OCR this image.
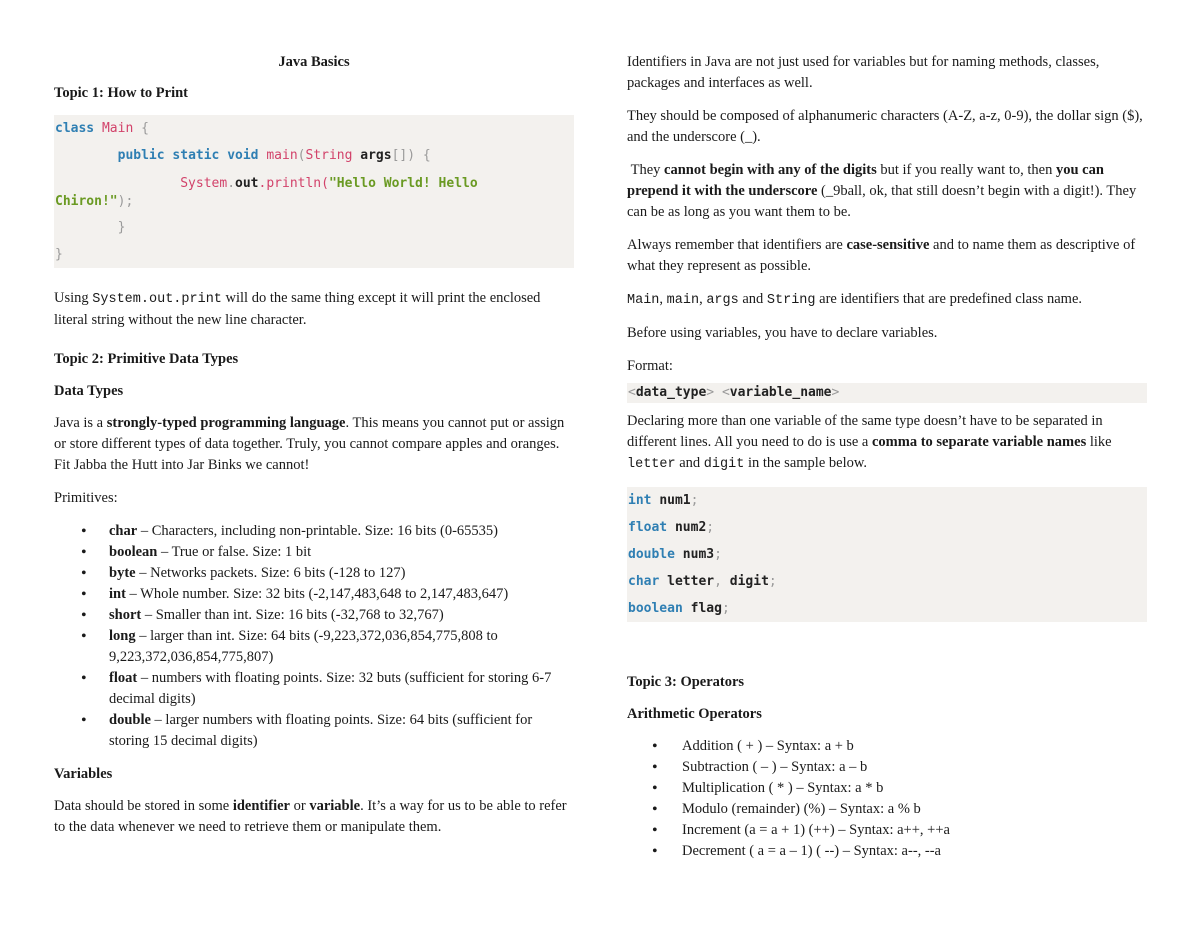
Java Basics
Topic 1: How to Print
class Main {
public static void main(String args[]) {
System.out.println("Hello World! Hello
Chiron!");
}
}

Using System.out.print will do the same thing except it will print the enclosed literal string without the new line character.

Topic 2: Primitive Data Types
Data Types

Java is a strongly-typed programming language. This means you cannot put or assign or store different types of data together. Truly, you cannot compare apples and oranges. Fit Jabba the Hutt into Jar Binks we cannot!

Primitives:

• char – Characters, including non-printable. Size: 16 bits (0-65535)
• boolean – True or false. Size: 1 bit
• byte – Networks packets. Size: 6 bits (-128 to 127)
• int – Whole number. Size: 32 bits (-2,147,483,648 to 2,147,483,647)
• short – Smaller than int. Size: 16 bits (-32,768 to 32,767)
• long – larger than int. Size: 64 bits (-9,223,372,036,854,775,808 to 9,223,372,036,854,775,807)
• float – numbers with floating points. Size: 32 buts (sufficient for storing 6-7 decimal digits)
• double – larger numbers with floating points. Size: 64 bits (sufficient for storing 15 decimal digits)
Variables

Data should be stored in some identifier or variable. It’s a way for us to be able to refer to the data whenever we need to retrieve them or manipulate them.

Identifiers in Java are not just used for variables but for naming methods, classes, packages and interfaces as well.

They should be composed of alphanumeric characters (A-Z, a-z, 0-9), the dollar sign ($), and the underscore (_).

They cannot begin with any of the digits but if you really want to, then you can prepend it with the underscore (_9ball, ok, that still doesn’t begin with a digit!). They can be as long as you want them to be.

Always remember that identifiers are case-sensitive and to name them as descriptive of what they represent as possible.

Main, main, args and String are identifiers that are predefined class name.

Before using variables, you have to declare variables.

Format:

<data_type> <variable_name>

Declaring more than one variable of the same type doesn’t have to be separated in different lines. All you need to do is use a comma to separate variable names like letter and digit in the sample below.

int num1;
float num2;
double num3;
char letter, digit;
boolean flag;
Topic 3: Operators
Arithmetic Operators
• Addition ( + ) – Syntax: a + b
• Subtraction ( – ) – Syntax: a – b
• Multiplication ( * ) – Syntax: a * b
• Modulo (remainder) (%) – Syntax: a % b
• Increment (a = a + 1) (++) – Syntax: a++, ++a
• Decrement ( a = a – 1) ( --) – Syntax: a--, --a
